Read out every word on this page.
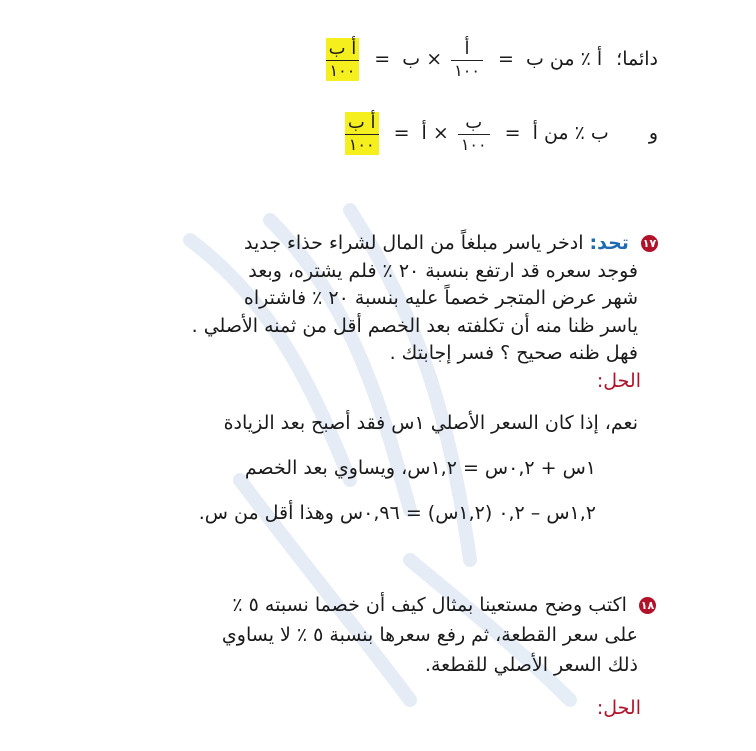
دائما؛ أ ٪ من ب =
$\frac{\text{أ}}{١٠٠}$
× ب =
$\frac{\text{أ ب}}{١٠٠}$
و ب ٪ من أ =
$\frac{\text{ب}}{١٠٠}$
× أ =
$\frac{\text{أ ب}}{١٠٠}$
١٧ تحد: ادخر ياسر مبلغاً من المال لشراء حذاء جديد
فوجد سعره قد ارتفع بنسبة ٢٠ ٪ فلم يشتره، وبعد
شهر عرض المتجر خصماً عليه بنسبة ٢٠ ٪ فاشتراه
ياسر ظنا منه أن تكلفته بعد الخصم أقل من ثمنه الأصلي .
فهل ظنه صحيح ؟ فسر إجابتك .
الحل:
نعم، إذا كان السعر الأصلي ١س فقد أصبح بعد الزيادة
١س + ٠,٢س = ١,٢س، ويساوي بعد الخصم
١,٢س – ٠,٢ (١,٢س) = ٠,٩٦س وهذا أقل من س.
١٨ اكتب وضح مستعينا بمثال كيف أن خصما نسبته ٥ ٪
على سعر القطعة، ثم رفع سعرها بنسبة ٥ ٪ لا يساوي
ذلك السعر الأصلي للقطعة.
الحل:
